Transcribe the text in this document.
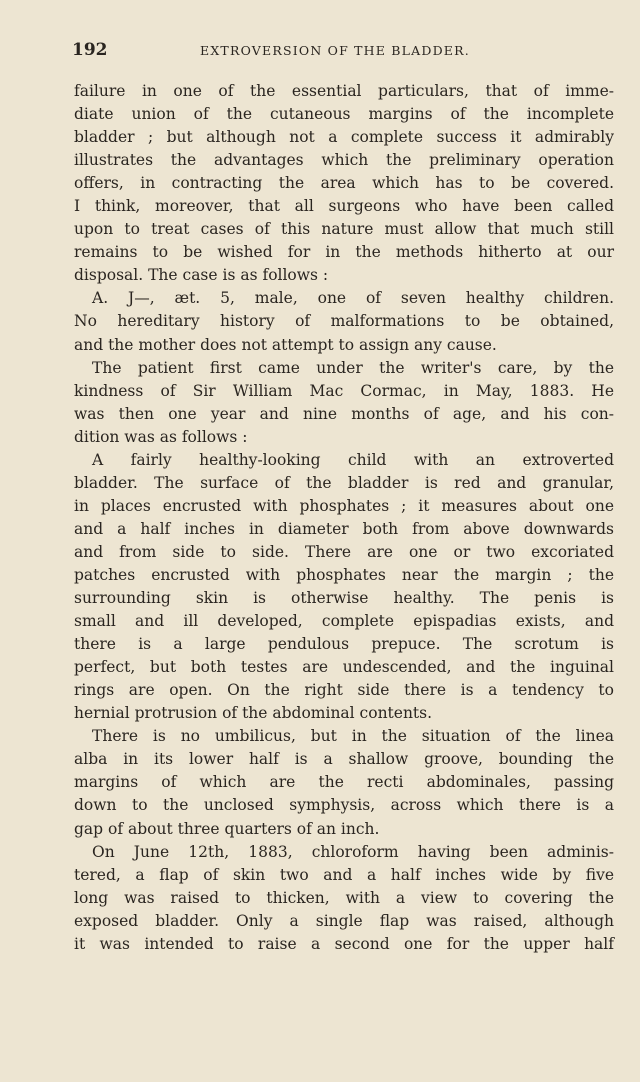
192	EXTROVERSION OF THE BLADDER.
failure in one of the essential particulars, that of imme-
diate union of the cutaneous margins of the incomplete
bladder ; but although not a complete success it admirably
illustrates the advantages which the preliminary operation
offers, in contracting the area which has to be covered.
I think, moreover, that all surgeons who have been called
upon to treat cases of this nature must allow that much still
remains to be wished for in the methods hitherto at our
disposal. The case is as follows :
A. J—, æt. 5, male, one of seven healthy children.
No hereditary history of malformations to be obtained,
and the mother does not attempt to assign any cause.
The patient first came under the writer's care, by the
kindness of Sir William Mac Cormac, in May, 1883. He
was then one year and nine months of age, and his con-
dition was as follows :
A fairly healthy-looking child with an extroverted
bladder. The surface of the bladder is red and granular,
in places encrusted with phosphates ; it measures about one
and a half inches in diameter both from above downwards
and from side to side. There are one or two excoriated
patches encrusted with phosphates near the margin ; the
surrounding skin is otherwise healthy. The penis is
small and ill developed, complete epispadias exists, and
there is a large pendulous prepuce. The scrotum is
perfect, but both testes are undescended, and the inguinal
rings are open. On the right side there is a tendency to
hernial protrusion of the abdominal contents.
There is no umbilicus, but in the situation of the linea
alba in its lower half is a shallow groove, bounding the
margins of which are the recti abdominales, passing
down to the unclosed symphysis, across which there is a
gap of about three quarters of an inch.
On June 12th, 1883, chloroform having been adminis-
tered, a flap of skin two and a half inches wide by five
long was raised to thicken, with a view to covering the
exposed bladder. Only a single flap was raised, although
it was intended to raise a second one for the upper half
